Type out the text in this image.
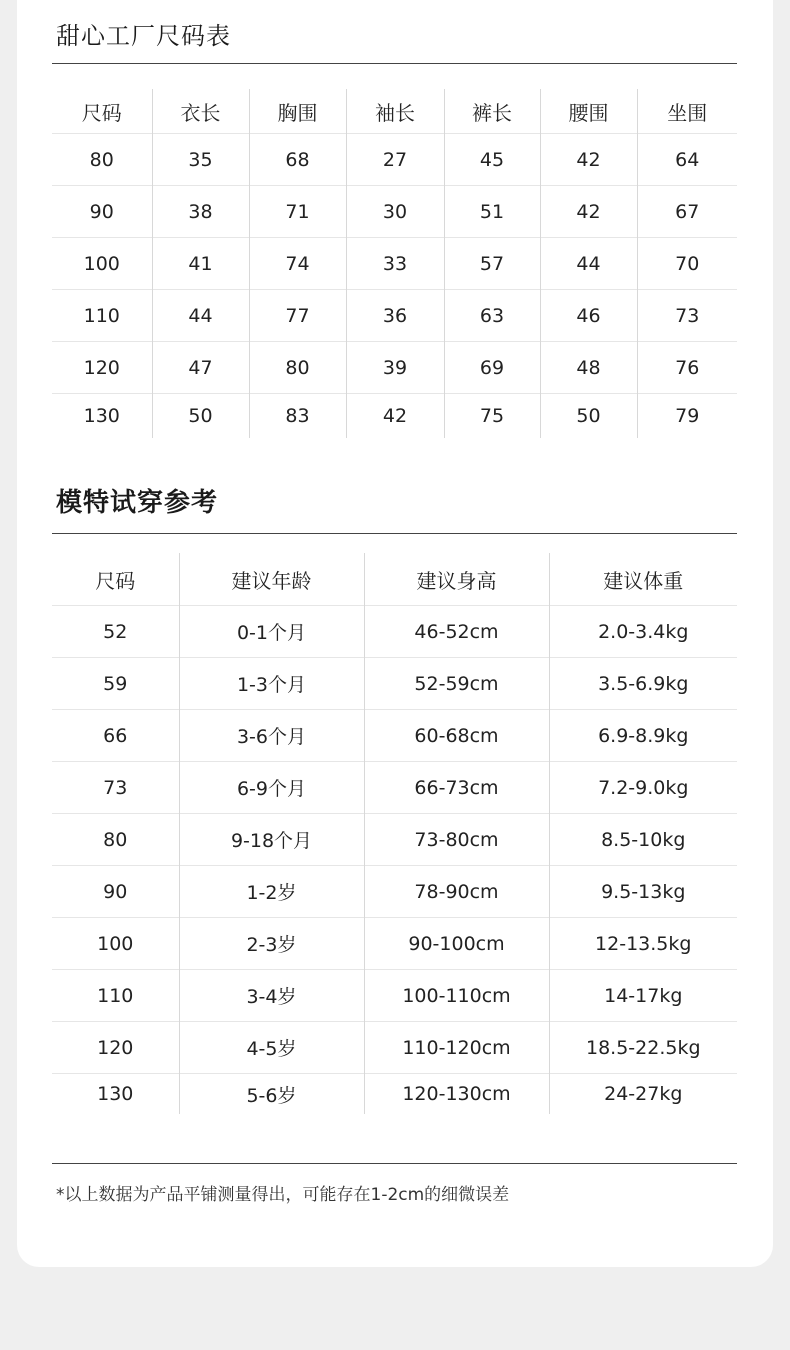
甜心工厂尺码表
尺码	衣长	胸围	袖长	裤长	腰围	坐围
80	35	68	27	45	42	64
90	38	71	30	51	42	67
100	41	74	33	57	44	70
110	44	77	36	63	46	73
120	47	80	39	69	48	76
130	50	83	42	75	50	79
模特试穿参考
尺码	建议年龄	建议身高	建议体重
52	0-1个月	46-52cm	2.0-3.4kg
59	1-3个月	52-59cm	3.5-6.9kg
66	3-6个月	60-68cm	6.9-8.9kg
73	6-9个月	66-73cm	7.2-9.0kg
80	9-18个月	73-80cm	8.5-10kg
90	1-2岁	78-90cm	9.5-13kg
100	2-3岁	90-100cm	12-13.5kg
110	3-4岁	100-110cm	14-17kg
120	4-5岁	110-120cm	18.5-22.5kg
130	5-6岁	120-130cm	24-27kg
*以上数据为产品平铺测量得出，可能存在1-2cm的细微误差
